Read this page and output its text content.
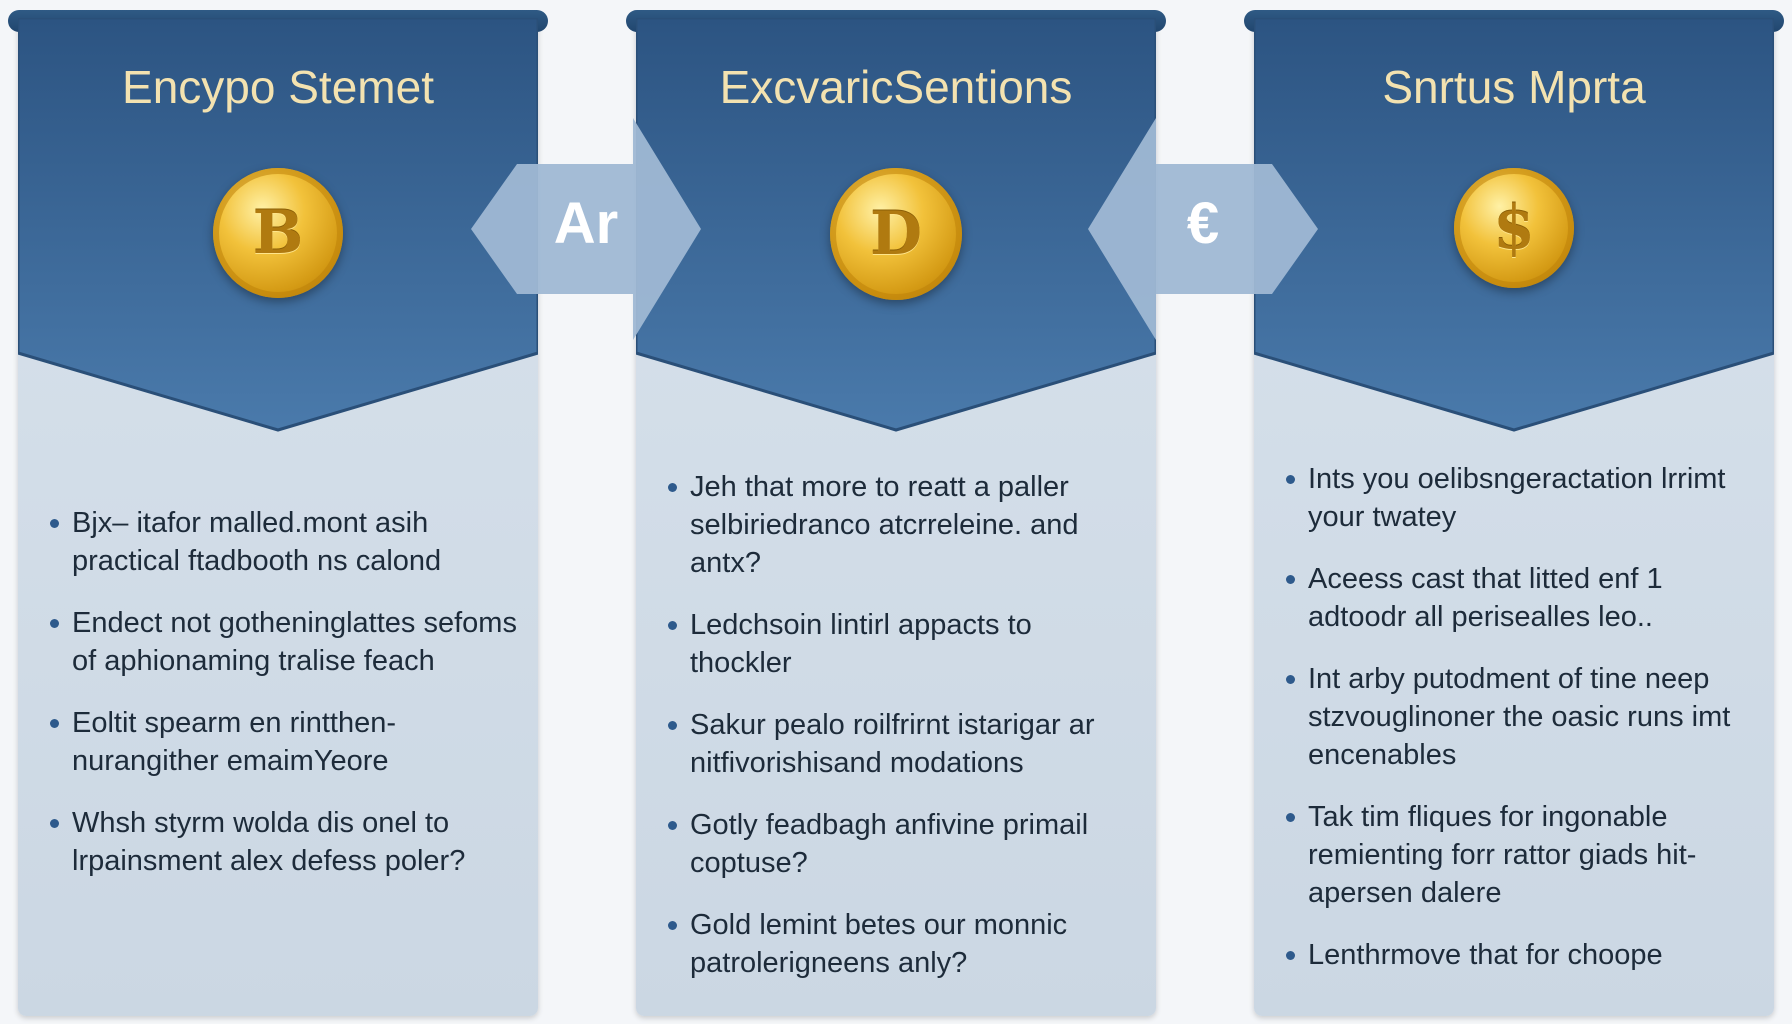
Encypo Stemet
B
Bjx– itafor malled.mont asih practical ftadbooth ns calond
Endect not gotheninglattes sefoms of aphionaming tralise feach
Eoltit spearm en rintthen-nurangither emaimYeore
Whsh styrm wolda dis onel to lrpainsment alex defess poler?
ExcvaricSentions
D
Jeh that more to reatt a paller selbiriedranco atcrreleine. and antx?
Ledchsoin lintirl appacts to thockler
Sakur pealo roilfrirnt istarigar ar nitfivorishisand modations
Gotly feadbagh anfivine primail coptuse?
Gold lemint betes our monnic patrolerigneens anly?
Snrtus Mprta
$
Ints you oelibsngeractation lrrimt your twatey
Aceess cast that litted enf 1 adtoodr all perisealles leo..
Int arby putodment of tine neep stzvouglinoner the oasic runs imt encenables
Tak tim fliques for ingonable remienting forr rattor giads hit-apersen dalere
Lenthrmove that for choope
Ar	€
